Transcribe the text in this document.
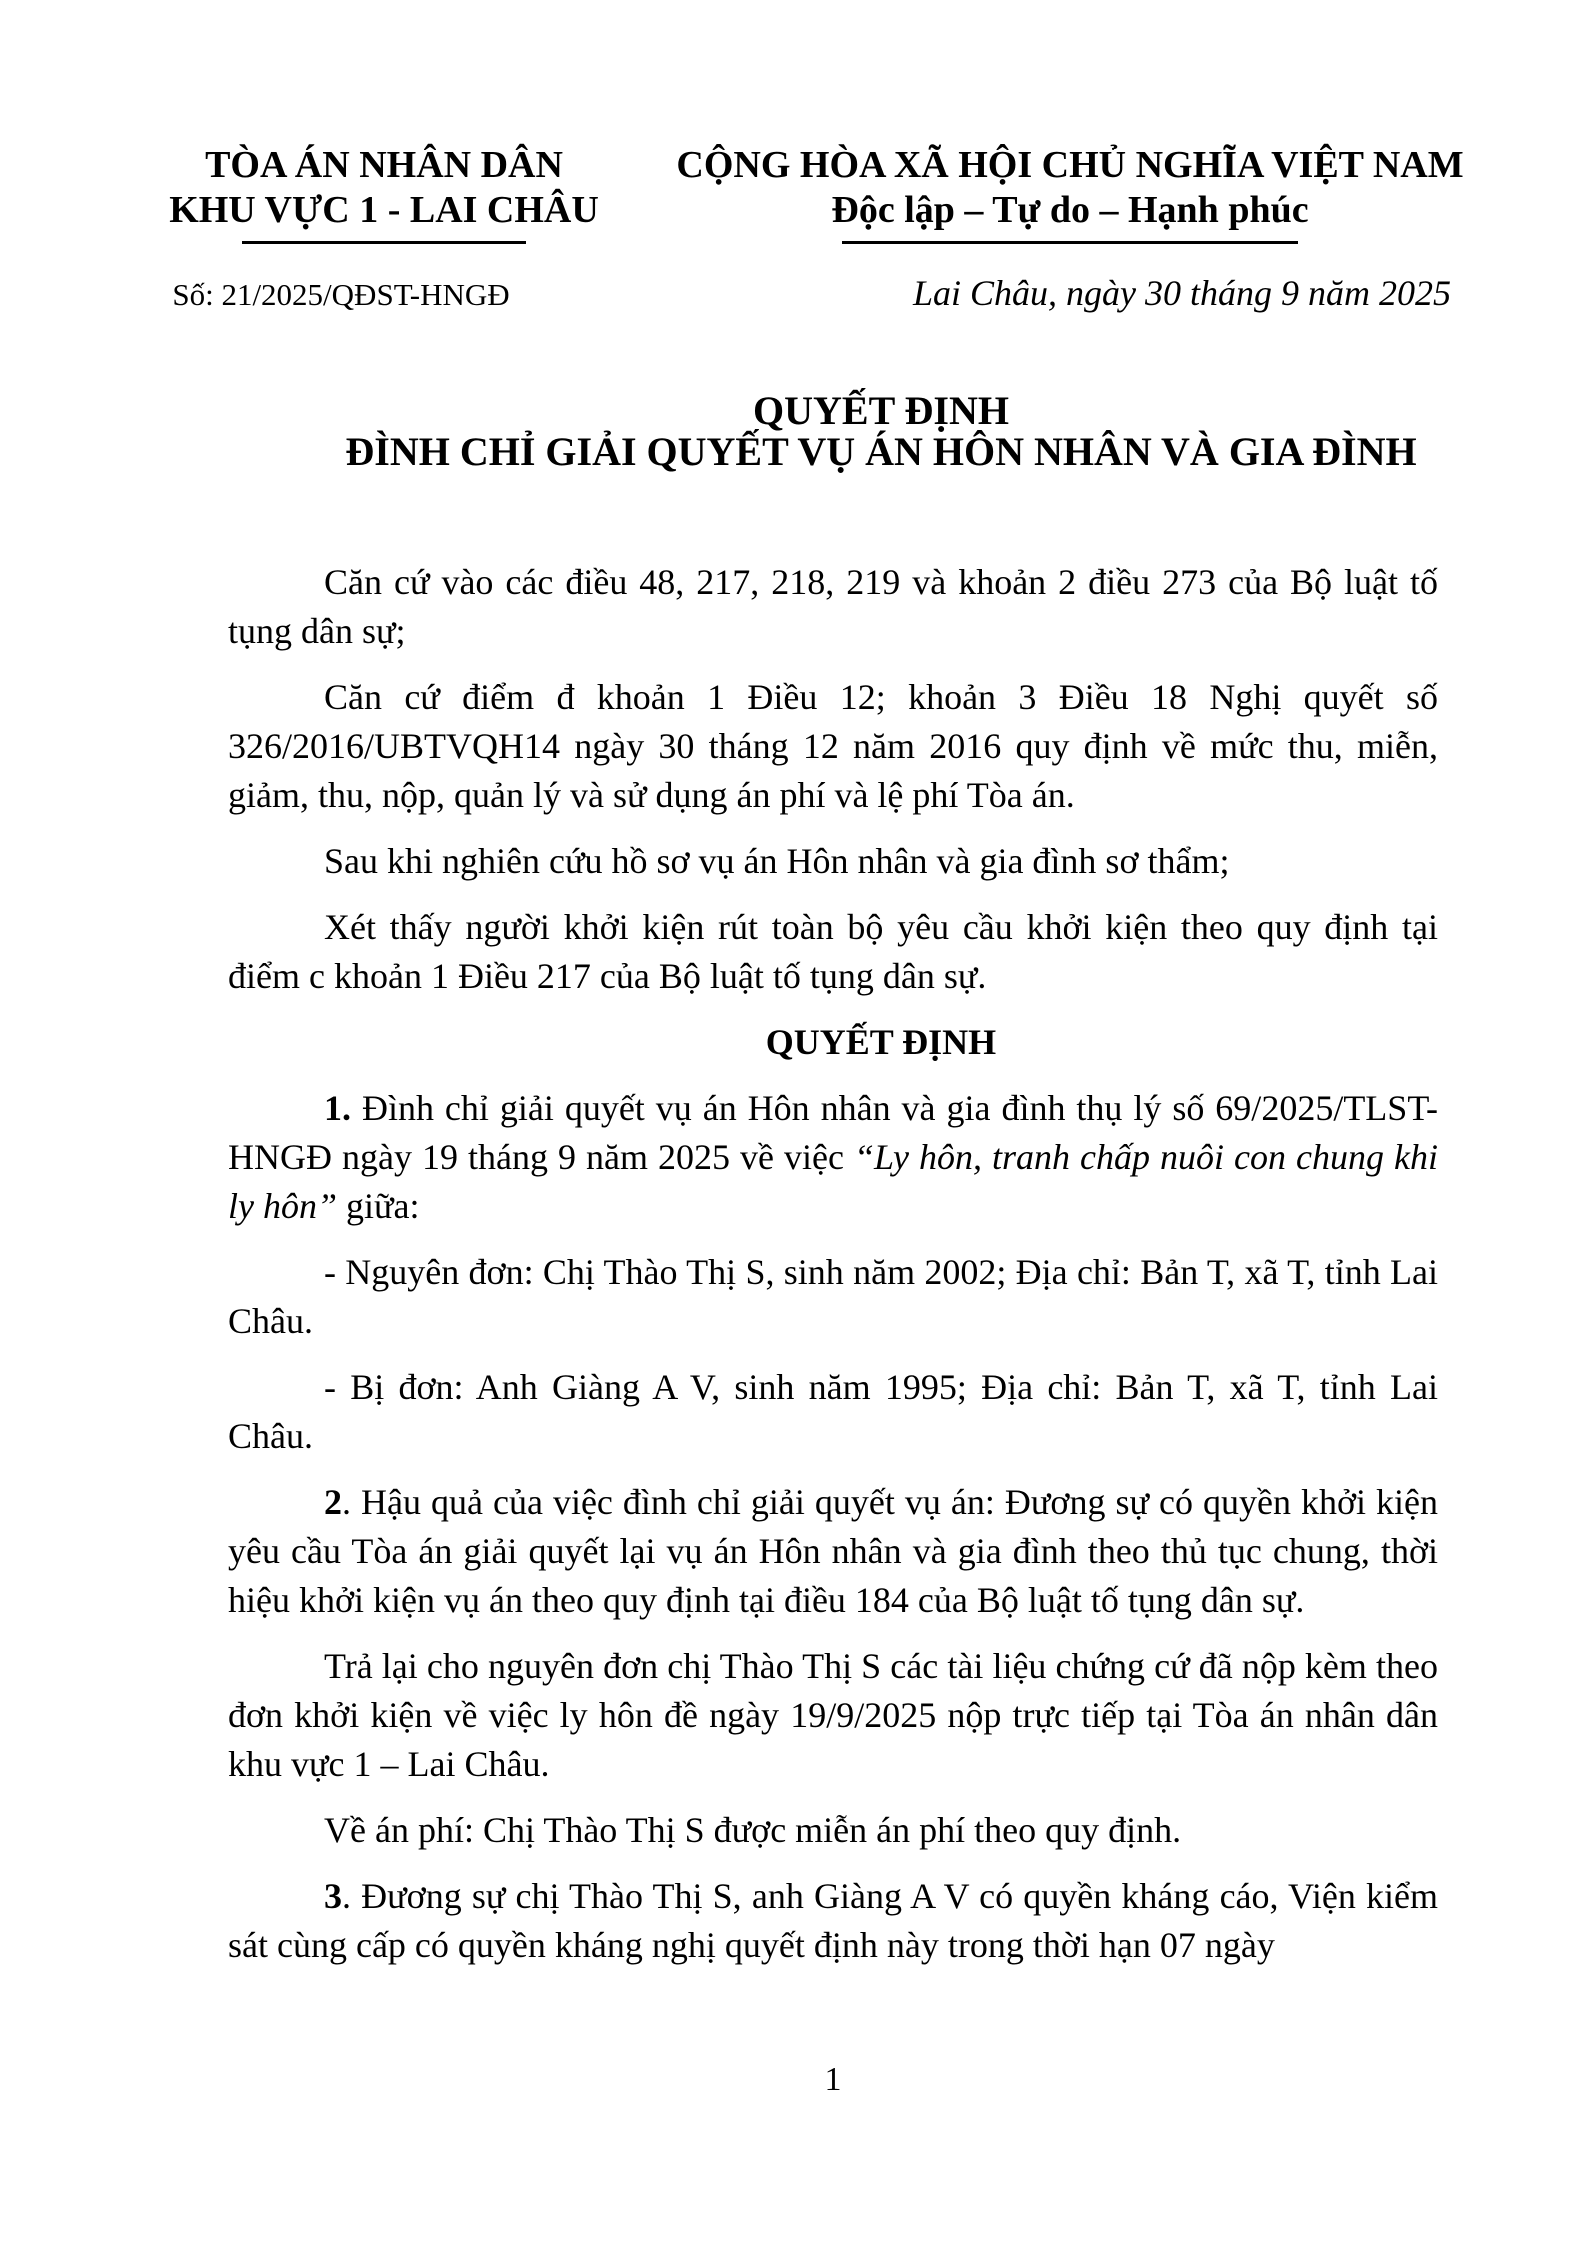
TÒA ÁN NHÂN DÂN
KHU VỰC 1 - LAI CHÂU
Số: 21/2025/QĐST-HNGĐ
CỘNG HÒA XÃ HỘI CHỦ NGHĨA VIỆT NAM
Độc lập – Tự do – Hạnh phúc
Lai Châu, ngày 30 tháng 9 năm 2025
QUYẾT ĐỊNH
ĐÌNH CHỈ GIẢI QUYẾT VỤ ÁN HÔN NHÂN VÀ GIA ĐÌNH

Căn cứ vào các điều 48, 217, 218, 219 và khoản 2 điều 273 của Bộ luật tố tụng dân sự;

Căn cứ điểm đ khoản 1 Điều 12; khoản 3 Điều 18 Nghị quyết số 326/2016/UBTVQH14 ngày 30 tháng 12 năm 2016 quy định về mức thu, miễn, giảm, thu, nộp, quản lý và sử dụng án phí và lệ phí Tòa án.

Sau khi nghiên cứu hồ sơ vụ án Hôn nhân và gia đình sơ thẩm;

Xét thấy người khởi kiện rút toàn bộ yêu cầu khởi kiện theo quy định tại điểm c khoản 1 Điều 217 của Bộ luật tố tụng dân sự.

QUYẾT ĐỊNH

1. Đình chỉ giải quyết vụ án Hôn nhân và gia đình thụ lý số 69/2025/TLST-HNGĐ ngày 19 tháng 9 năm 2025 về việc “Ly hôn, tranh chấp nuôi con chung khi ly hôn” giữa:

- Nguyên đơn: Chị Thào Thị S, sinh năm 2002; Địa chỉ: Bản T, xã T, tỉnh Lai Châu.

- Bị đơn: Anh Giàng A V, sinh năm 1995; Địa chỉ: Bản T, xã T, tỉnh Lai Châu.

2. Hậu quả của việc đình chỉ giải quyết vụ án: Đương sự có quyền khởi kiện yêu cầu Tòa án giải quyết lại vụ án Hôn nhân và gia đình theo thủ tục chung, thời hiệu khởi kiện vụ án theo quy định tại điều 184 của Bộ luật tố tụng dân sự.

Trả lại cho nguyên đơn chị Thào Thị S các tài liệu chứng cứ đã nộp kèm theo đơn khởi kiện về việc ly hôn đề ngày 19/9/2025 nộp trực tiếp tại Tòa án nhân dân khu vực 1 – Lai Châu.

Về án phí: Chị Thào Thị S được miễn án phí theo quy định.

3. Đương sự chị Thào Thị S, anh Giàng A V có quyền kháng cáo, Viện kiểm sát cùng cấp có quyền kháng nghị quyết định này trong thời hạn 07 ngày

1
